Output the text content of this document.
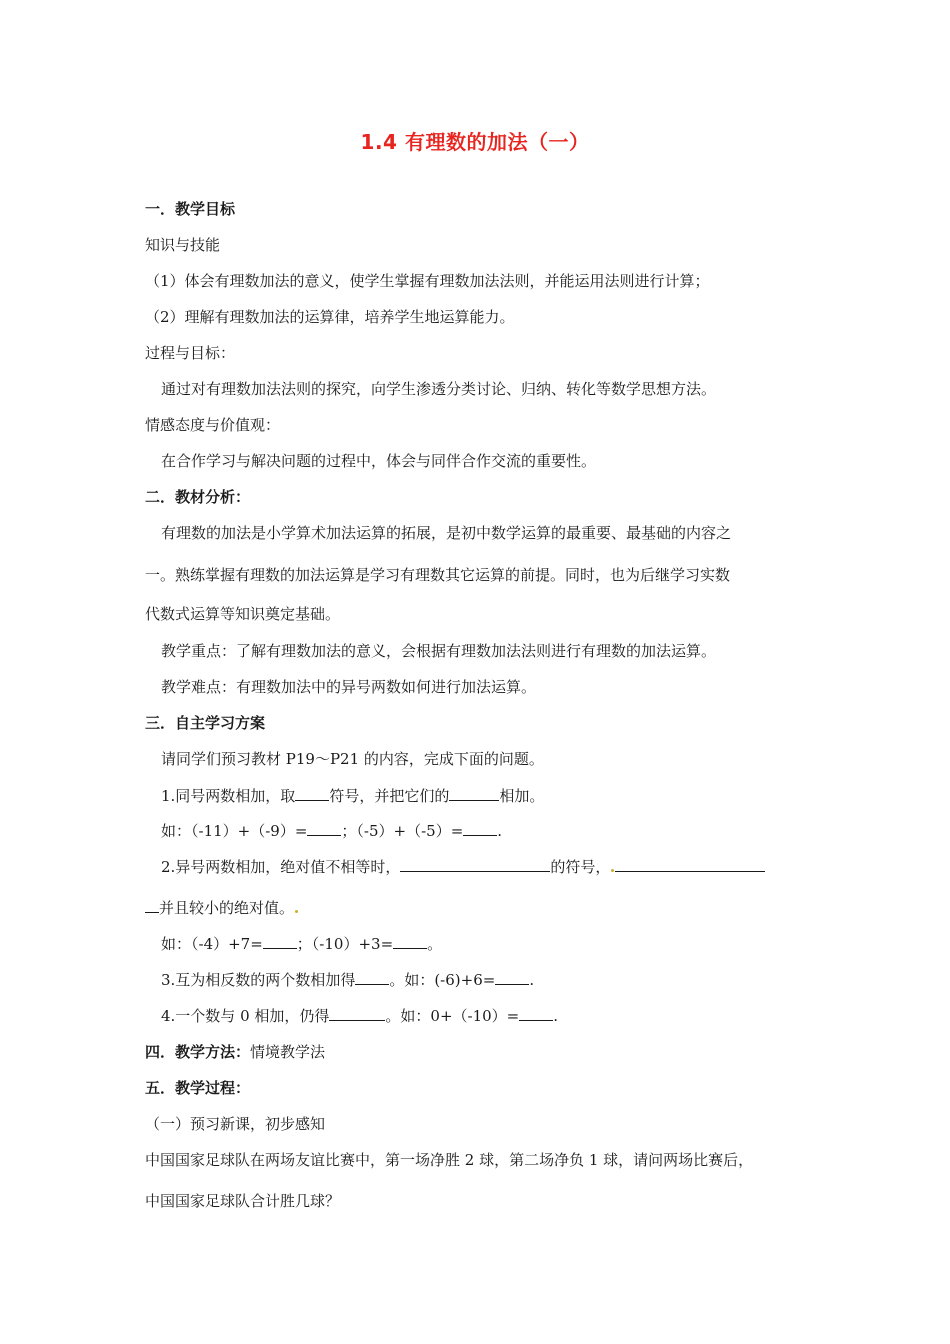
1.4 有理数的加法（一）
一．教学目标
知识与技能
（1）体会有理数加法的意义，使学生掌握有理数加法法则，并能运用法则进行计算；
（2）理解有理数加法的运算律，培养学生地运算能力。
过程与目标：
通过对有理数加法法则的探究，向学生渗透分类讨论、归纳、转化等数学思想方法。
情感态度与价值观：
在合作学习与解决问题的过程中，体会与同伴合作交流的重要性。
二．教材分析：
有理数的加法是小学算术加法运算的拓展，是初中数学运算的最重要、最基础的内容之
一。熟练掌握有理数的加法运算是学习有理数其它运算的前提。同时，也为后继学习实数
代数式运算等知识奠定基础。
教学重点：了解有理数加法的意义，会根据有理数加法法则进行有理数的加法运算。
教学难点：有理数加法中的异号两数如何进行加法运算。
三．自主学习方案
请同学们预习教材 P19～P21 的内容，完成下面的问题。
1.同号两数相加，取 符号，并把它们的	相加。
如：（-11）+（-9）= ；（-5）+（-5）= .
2.异号两数相加，绝对值不相等时，	的符号，
并且较小的绝对值。
如：（-4）+7= ；（-10）+3= 。
3.互为相反数的两个数相加得 。如：(-6)+6= .
4.一个数与 0 相加，仍得	。如：0+（-10）= .
四．教学方法：情境教学法
五．教学过程：
（一）预习新课，初步感知
中国国家足球队在两场友谊比赛中，第一场净胜 2 球，第二场净负 1 球，请问两场比赛后，
中国国家足球队合计胜几球？
